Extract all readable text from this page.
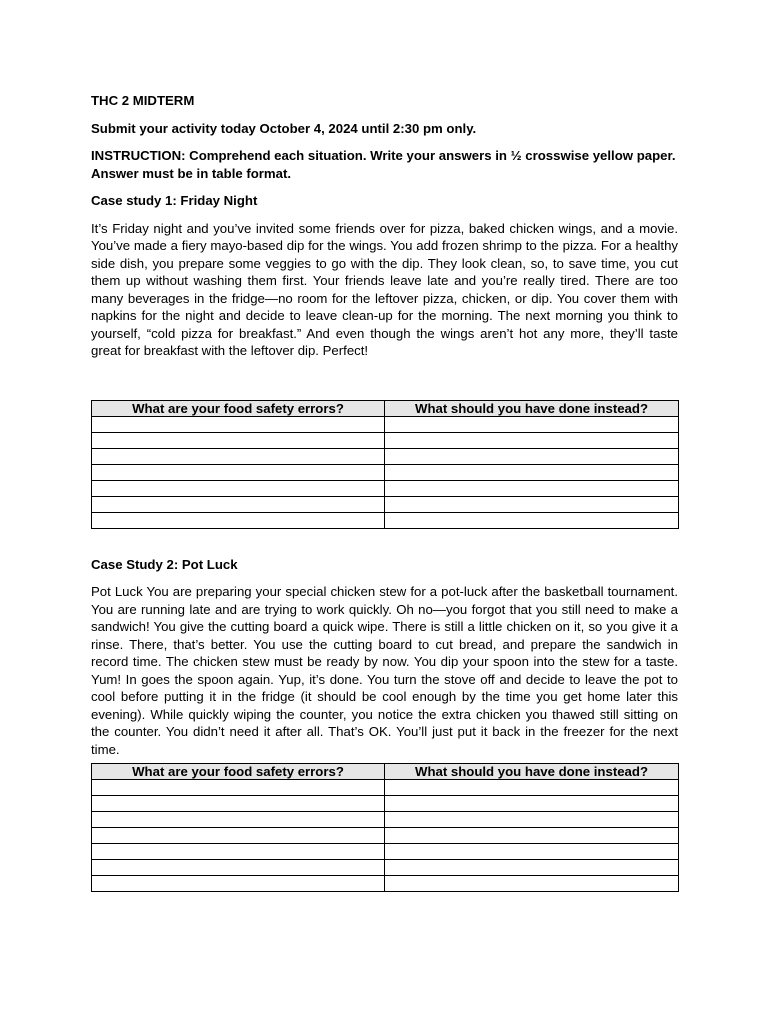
THC 2 MIDTERM

Submit your activity today October 4, 2024 until 2:30 pm only.

INSTRUCTION: Comprehend each situation. Write your answers in ½ crosswise yellow paper. Answer must be in table format.

Case study 1: Friday Night

It’s Friday night and you’ve invited some friends over for pizza, baked chicken wings, and a movie. You’ve made a fiery mayo-based dip for the wings. You add frozen shrimp to the pizza. For a healthy side dish, you prepare some veggies to go with the dip. They look clean, so, to save time, you cut them up without washing them first. Your friends leave late and you’re really tired. There are too many beverages in the fridge—no room for the leftover pizza, chicken, or dip. You cover them with napkins for the night and decide to leave clean-up for the morning. The next morning you think to yourself, “cold pizza for breakfast.” And even though the wings aren’t hot any more, they’ll taste great for breakfast with the leftover dip. Perfect!

What are your food safety errors?	What should you have done instead?

Case Study 2: Pot Luck

Pot Luck You are preparing your special chicken stew for a pot-luck after the basketball tournament. You are running late and are trying to work quickly. Oh no—you forgot that you still need to make a sandwich! You give the cutting board a quick wipe. There is still a little chicken on it, so you give it a rinse. There, that’s better. You use the cutting board to cut bread, and prepare the sandwich in record time. The chicken stew must be ready by now. You dip your spoon into the stew for a taste. Yum! In goes the spoon again. Yup, it’s done. You turn the stove off and decide to leave the pot to cool before putting it in the fridge (it should be cool enough by the time you get home later this evening). While quickly wiping the counter, you notice the extra chicken you thawed still sitting on the counter. You didn’t need it after all. That’s OK. You’ll just put it back in the freezer for the next time.

What are your food safety errors?	What should you have done instead?
